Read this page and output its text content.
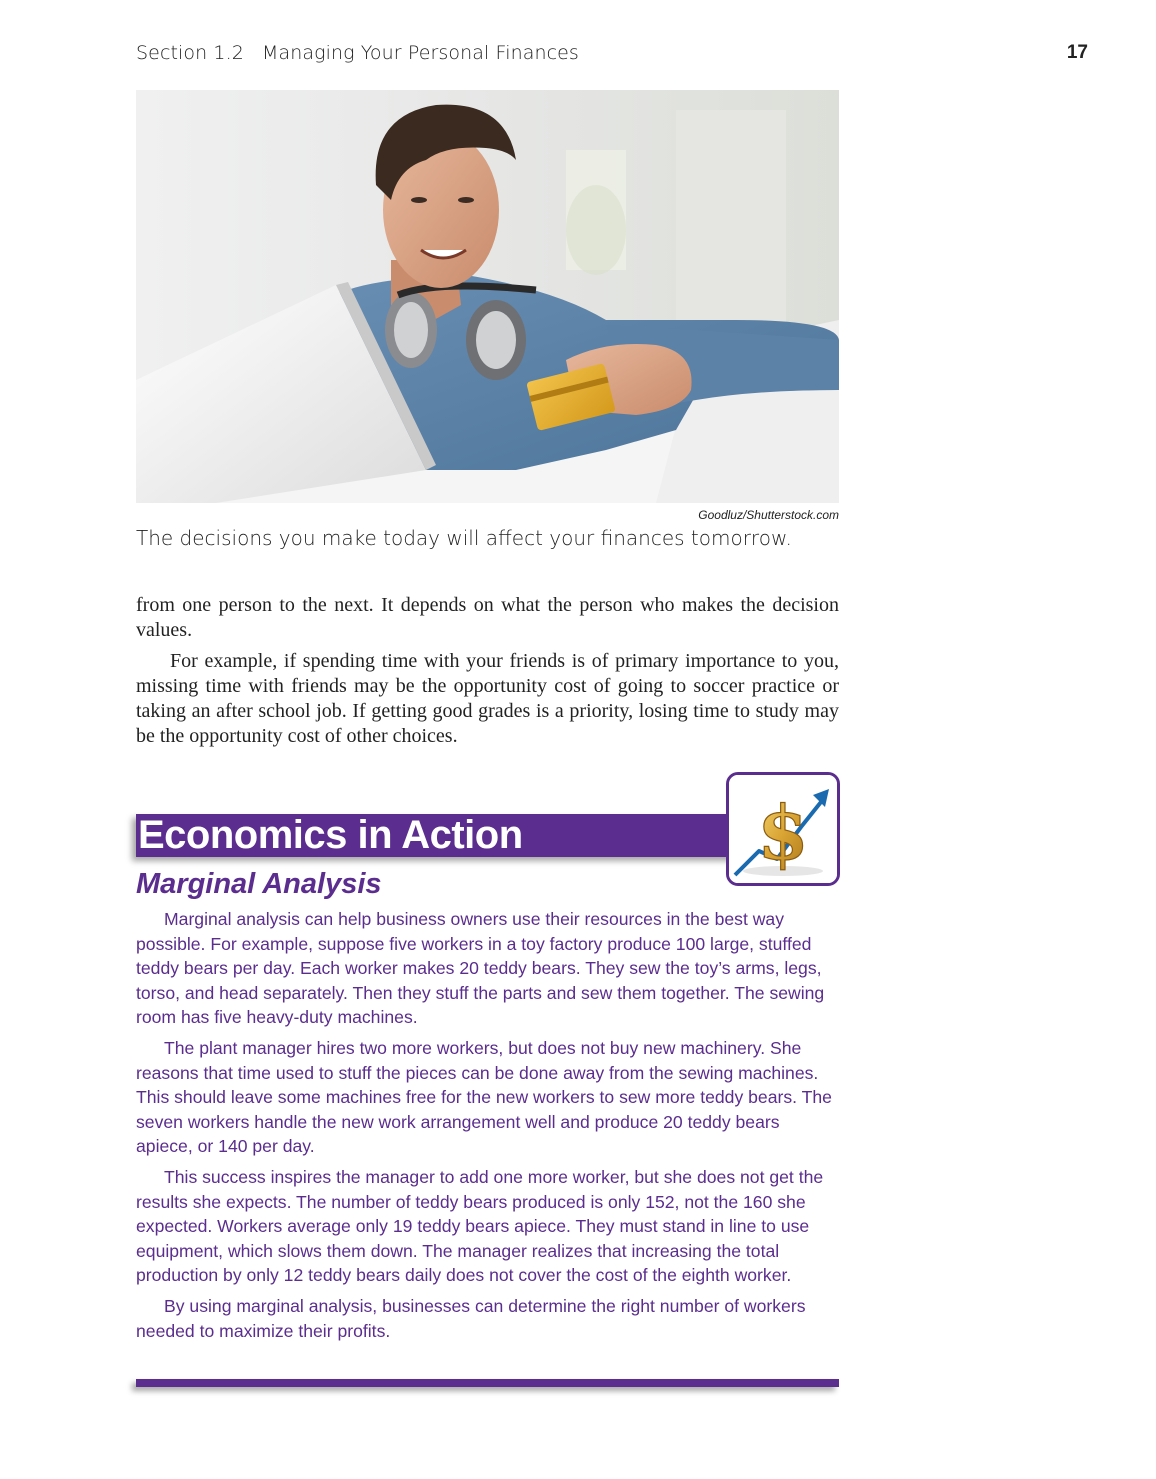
Section 1.2 Managing Your Personal Finances	17
Goodluz/Shutterstock.com
The decisions you make today will affect your finances tomorrow.

from one person to the next. It depends on what the person who makes the decision values.

For example, if spending time with your friends is of primary importance to you, missing time with friends may be the opportunity cost of going to soccer practice or taking an after school job. If getting good grades is a priority, losing time to study may be the opportunity cost of other choices.

Economics in Action	$
Marginal Analysis

Marginal analysis can help business owners use their resources in the best way possible. For example, suppose five workers in a toy factory produce 100 large, stuffed teddy bears per day. Each worker makes 20 teddy bears. They sew the toy’s arms, legs, torso, and head separately. Then they stuff the parts and sew them together. The sewing room has five heavy-duty machines.

The plant manager hires two more workers, but does not buy new machinery. She reasons that time used to stuff the pieces can be done away from the sewing machines. This should leave some machines free for the new workers to sew more teddy bears. The seven workers handle the new work arrangement well and produce 20 teddy bears apiece, or 140 per day.

This success inspires the manager to add one more worker, but she does not get the results she expects. The number of teddy bears produced is only 152, not the 160 she expected. Workers average only 19 teddy bears apiece. They must stand in line to use equipment, which slows them down. The manager realizes that increasing the total production by only 12 teddy bears daily does not cover the cost of the eighth worker.

By using marginal analysis, businesses can determine the right number of workers needed to maximize their profits.
